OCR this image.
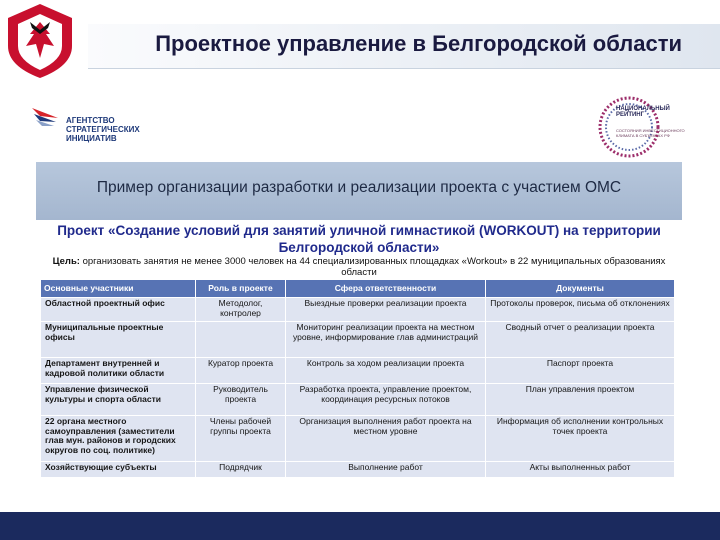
Проектное управление в Белгородской области
АГЕНТСТВО
СТРАТЕГИЧЕСКИХ
ИНИЦИАТИВ
НАЦИОНАЛЬНЫЙ
РЕЙТИНГ
СОСТОЯНИЯ ИНВЕСТИЦИОННОГО КЛИМАТА В СУБЪЕКТАХ РФ
Пример организации разработки и реализации проекта с участием ОМС
Проект «Создание условий для занятий уличной гимнастикой (WORKOUT) на территории
Белгородской области»
Цель: организовать занятия не менее 3000 человек на 44 специализированных площадках «Workout» в 22 муниципальных образованиях области
Основные участники	Роль в проекте	Сфера ответственности	Документы
Областной проектный офис	Методолог, контролер	Выездные проверки реализации проекта	Протоколы проверок, письма об отклонениях
Муниципальные проектные офисы		Мониторинг реализации проекта на местном уровне, информирование глав администраций	Сводный отчет о реализации проекта
Департамент внутренней и кадровой политики области	Куратор проекта	Контроль за ходом реализации проекта	Паспорт проекта
Управление физической культуры и спорта области	Руководитель проекта	Разработка проекта, управление проектом, координация ресурсных потоков	План управления проектом
22 органа местного самоуправления (заместители глав мун. районов и городских округов по соц. политике)	Члены рабочей группы проекта	Организация выполнения работ проекта на местном уровне	Информация об исполнении контрольных точек проекта
Хозяйствующие субъекты	Подрядчик	Выполнение работ	Акты выполненных работ
